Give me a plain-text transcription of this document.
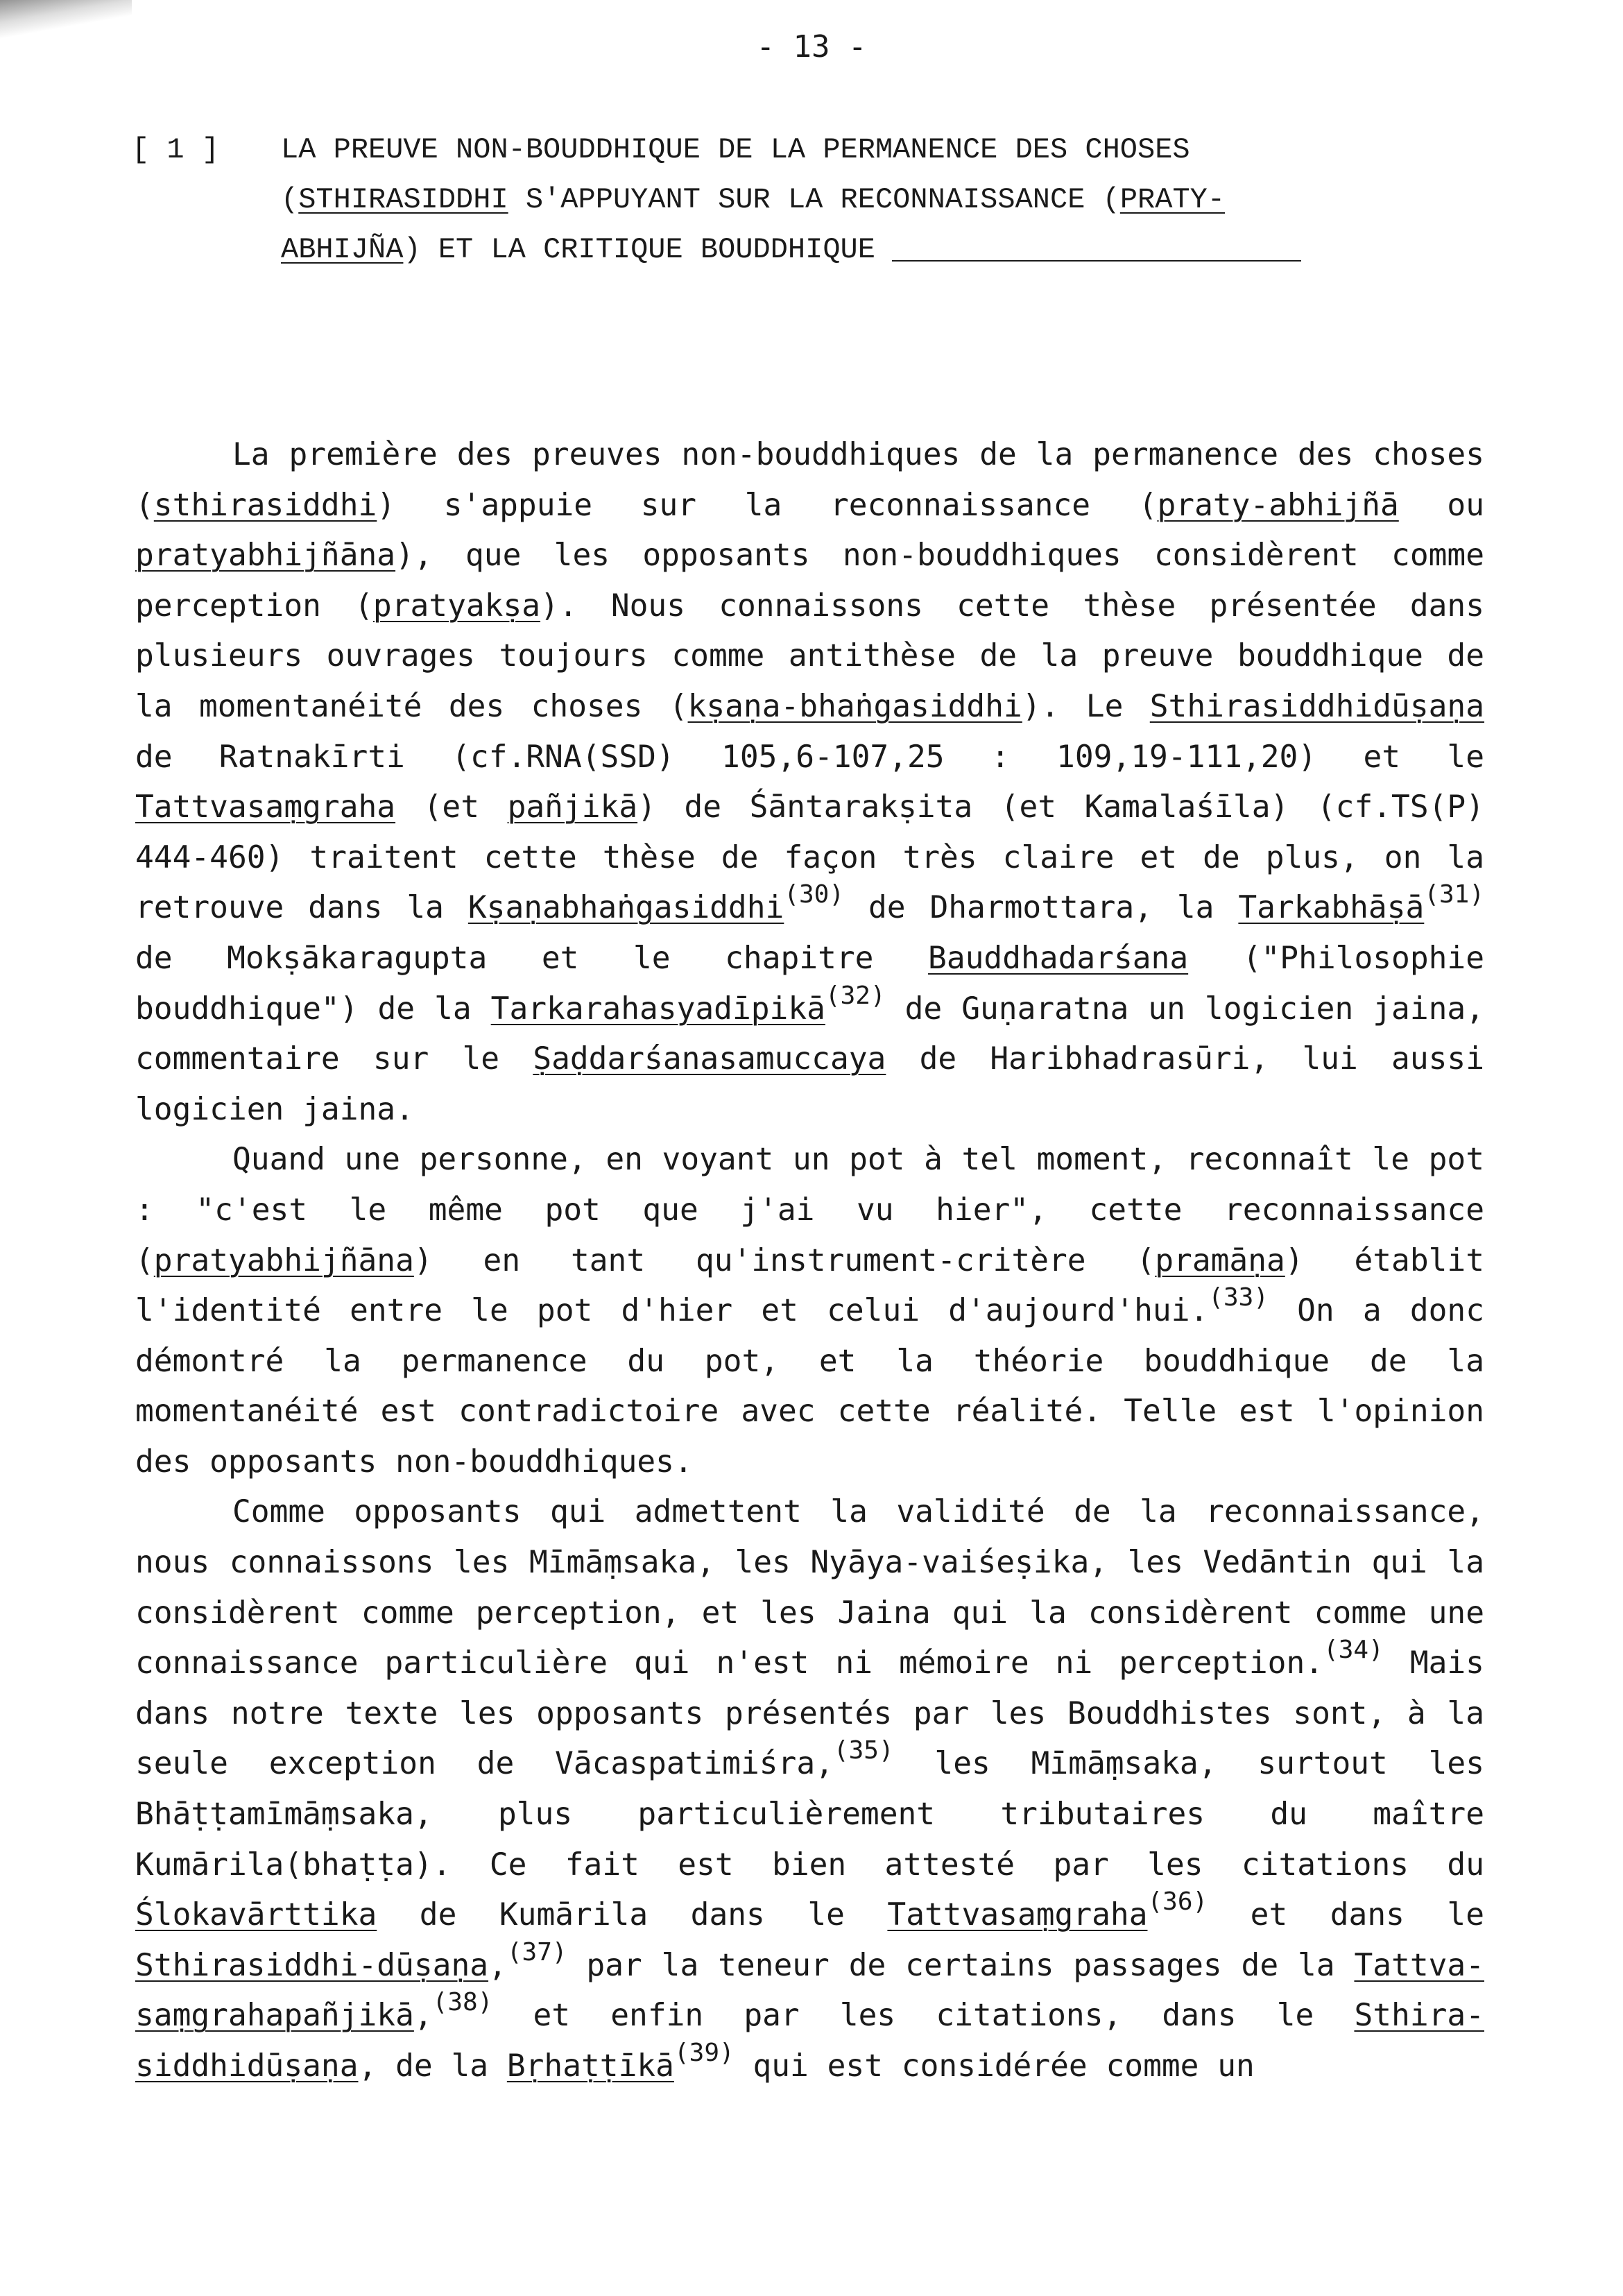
- 13 -
[ 1 ]	LA PREUVE NON-BOUDDHIQUE DE LA PERMANENCE DES CHOSES
(STHIRASIDDHI S'APPUYANT SUR LA RECONNAISSANCE (PRATY-
ABHIJÑA) ET LA CRITIQUE BOUDDHIQUE

La première des preuves non-bouddhiques de la permanence des choses (sthirasiddhi) s'appuie sur la reconnaissance (praty-abhijñā ou pratyabhijñāna), que les opposants non-bouddhiques considèrent comme perception (pratyakṣa). Nous connaissons cette thèse présentée dans plusieurs ouvrages toujours comme antithèse de la preuve bouddhique de la momentanéité des choses (kṣaṇa-bhaṅgasiddhi). Le Sthirasiddhidūṣaṇa de Ratnakīrti (cf.RNA(SSD) 105,6-107,25 : 109,19-111,20) et le Tattvasaṃgraha (et pañjikā) de Śāntarakṣita (et Kamalaśīla) (cf.TS(P) 444-460) traitent cette thèse de façon très claire et de plus, on la retrouve dans la Kṣaṇabhaṅgasiddhi$^{(30)}$ de Dharmottara, la Tarkabhāṣā$^{(31)}$ de Mokṣākaragupta et le chapitre Bauddhadarśana ("Philosophie bouddhique") de la Tarkarahasyadīpikā$^{(32)}$ de Guṇaratna un logicien jaina, commentaire sur le Ṣaḍdarśanasamuccaya de Haribhadrasūri, lui aussi logicien jaina.

Quand une personne, en voyant un pot à tel moment, reconnaît le pot : "c'est le même pot que j'ai vu hier", cette reconnaissance (pratyabhijñāna) en tant qu'instrument-critère (pramāṇa) établit l'identité entre le pot d'hier et celui d'aujourd'hui.$^{(33)}$ On a donc démontré la permanence du pot, et la théorie bouddhique de la momentanéité est contradictoire avec cette réalité. Telle est l'opinion des opposants non-bouddhiques.

Comme opposants qui admettent la validité de la reconnaissance, nous connaissons les Mīmāṃsaka, les Nyāya-vaiśeṣika, les Vedāntin qui la considèrent comme perception, et les Jaina qui la considèrent comme une connaissance particulière qui n'est ni mémoire ni perception.$^{(34)}$ Mais dans notre texte les opposants présentés par les Bouddhistes sont, à la seule exception de Vācaspatimiśra,$^{(35)}$ les Mīmāṃsaka, surtout les Bhāṭṭamīmāṃsaka, plus particulièrement tributaires du maître Kumārila(bhaṭṭa). Ce fait est bien attesté par les citations du Ślokavārttika de Kumārila dans le Tattvasaṃgraha$^{(36)}$ et dans le Sthirasiddhi-dūṣaṇa,$^{(37)}$ par la teneur de certains passages de la Tattva-saṃgrahapañjikā,$^{(38)}$ et enfin par les citations, dans le Sthira-siddhidūṣaṇa, de la Bṛhaṭṭīkā$^{(39)}$ qui est considérée comme un
